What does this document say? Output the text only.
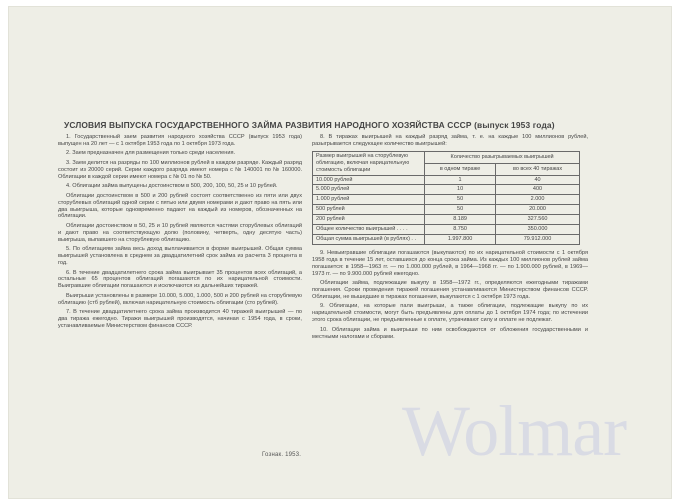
УСЛОВИЯ ВЫПУСКА ГОСУДАРСТВЕННОГО ЗАЙМА РАЗВИТИЯ НАРОДНОГО ХОЗЯЙСТВА СССР (выпуск 1953 года)

1. Государственный заем развития народного хозяйства СССР (выпуск 1953 года) выпущен на 20 лет — с 1 октября 1953 года по 1 октября 1973 года.

2. Заем предназначен для размещения только среди населения.

3. Заем делится на разряды по 100 миллионов рублей в каждом разряде. Каждый разряд состоит из 20000 серий. Серии каждого разряда имеют номера с № 140001 по № 160000. Облигации в каждой серии имеют номера с № 01 по № 50.

4. Облигации займа выпущены достоинством в 500, 200, 100, 50, 25 и 10 рублей.

Облигации достоинством в 500 и 200 рублей состоят соответственно из пяти или двух сторублевых облигаций одной серии с пятью или двумя номерами и дают право на пять или два выигрыша, которые одновременно падают на каждый из номеров, обозначенных на облигации.

Облигации достоинством в 50, 25 и 10 рублей являются частями сторублевых облигаций и дают право на соответствующую долю (половину, четверть, одну десятую часть) выигрыша, выпавшего на сторублевую облигацию.

5. По облигациям займа весь доход выплачивается в форме выигрышей. Общая сумма выигрышей установлена в среднем за двадцатилетний срок займа из расчета 3 процента в год.

6. В течение двадцатилетнего срока займа выигрывает 35 процентов всех облигаций, а остальные 65 процентов облигаций погашаются по их нарицательной стоимости. Выигравшие облигации погашаются и исключаются из дальнейших тиражей.

Выигрыши установлены в размере 10.000, 5.000, 1.000, 500 и 200 рублей на сторублевую облигацию (стб рублей), включая нарицательную стоимость облигации (сто рублей).

7. В течение двадцатилетнего срока займа производится 40 тиражей выигрышей — по два тиража ежегодно. Тиражи выигрышей производятся, начиная с 1954 года, в сроки, устанавливаемые Министерством финансов СССР.

8. В тиражах выигрышей на каждый разряд займа, т. е. на каждые 100 миллионов рублей, разыгрывается следующее количество выигрышей:

Размер выигрышей на сторублевую облигацию, включая нарицательную стоимость облигации	Количество разыгрываемых выигрышей	
	в одном тираже	во всех 40 тиражах
10.000 рублей	1	40
5.000 рублей	10	400
1.000 рублей	50	2.000
500 рублей	50	20.000
200 рублей	8.189	327.560
Общее количество выигрышей . . . .	8.750	350.000
Общая сумма выигрышей (в рублях) . .	1.997.800	79.912.000

9. Невыигравшие облигации погашаются (выкупаются) по их нарицательной стоимости с 1 октября 1958 года в течение 15 лет, оставшихся до конца срока займа. Из каждых 100 миллионов рублей займа погашается: в 1958—1963 гг. — по 1.000.000 рублей, в 1964—1968 гг. — по 1.900.000 рублей, в 1969—1973 гг. — по 9.900.000 рублей ежегодно.

Облигации займа, подлежащие выкупу в 1958—1972 гг., определяются ежегодными тиражами погашения. Сроки проведения тиражей погашения устанавливаются Министерством финансов СССР. Облигации, не вышедшие в тиражах погашения, выкупаются с 1 октября 1973 года.

9. Облигации, на которые пали выигрыши, а также облигации, подлежащие выкупу по их нарицательной стоимости, могут быть предъявлены для оплаты до 1 октября 1974 года; по истечении этого срока облигации, не предъявленные к оплате, утрачивают силу и оплате не подлежат.

10. Облигации займа и выигрыши по ним освобождаются от обложения государственными и местными налогами и сборами.

Гознак. 1953. Wolmar
